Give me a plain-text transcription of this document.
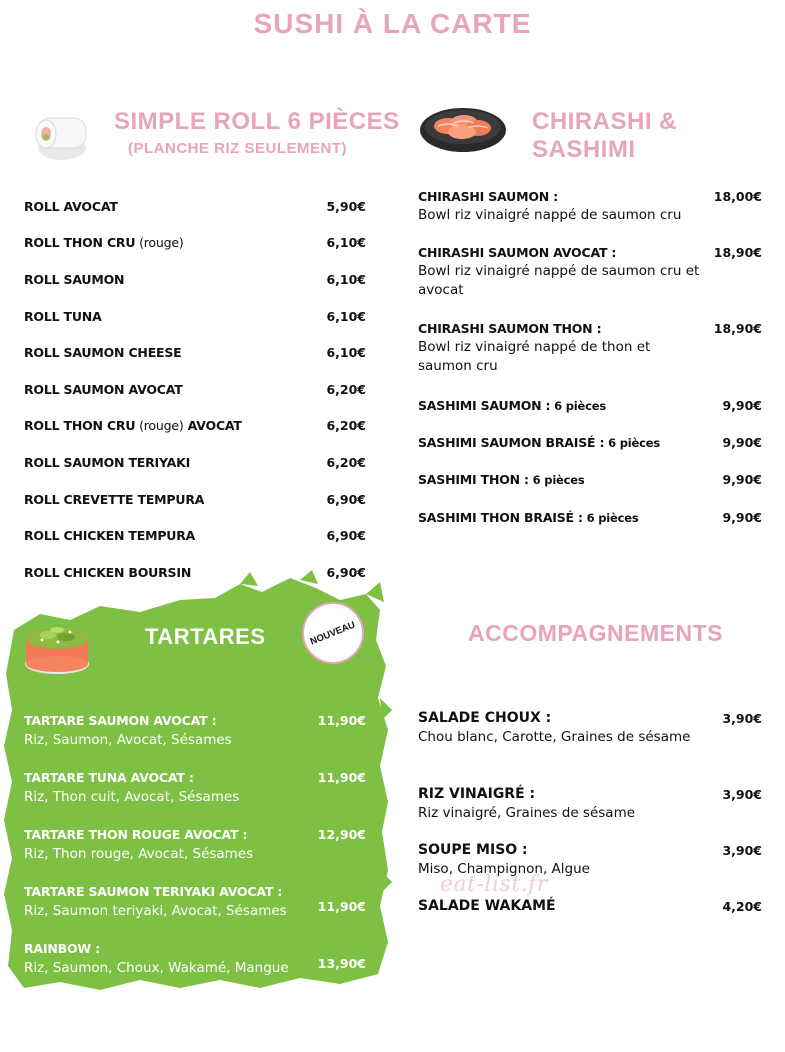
SUSHI À LA CARTE
SIMPLE ROLL 6 PIÈCES
(PLANCHE RIZ SEULEMENT)
ROLL AVOCAT	5,90€
ROLL THON CRU (rouge)	6,10€
ROLL SAUMON	6,10€
ROLL TUNA	6,10€
ROLL SAUMON CHEESE	6,10€
ROLL SAUMON AVOCAT	6,20€
ROLL THON CRU (rouge) AVOCAT	6,20€
ROLL SAUMON TERIYAKI	6,20€
ROLL CREVETTE TEMPURA	6,90€
ROLL CHICKEN TEMPURA	6,90€
ROLL CHICKEN BOURSIN	6,90€
CHIRASHI & SASHIMI
CHIRASHI SAUMON :
Bowl riz vinaigré nappé de saumon cru
18,00€
CHIRASHI SAUMON AVOCAT :
Bowl riz vinaigré nappé de saumon cru et avocat
18,90€
CHIRASHI SAUMON THON :
Bowl riz vinaigré nappé de thon et saumon cru
18,90€
SASHIMI SAUMON : 6 pièces	9,90€
SASHIMI SAUMON BRAISÉ : 6 pièces	9,90€
SASHIMI THON : 6 pièces	9,90€
SASHIMI THON BRAISÉ : 6 pièces	9,90€
TARTARES	NOUVEAU
TARTARE SAUMON AVOCAT :
Riz, Saumon, Avocat, Sésames
11,90€
TARTARE TUNA AVOCAT :
Riz, Thon cuit, Avocat, Sésames
11,90€
TARTARE THON ROUGE AVOCAT :
Riz, Thon rouge, Avocat, Sésames
12,90€
TARTARE SAUMON TERIYAKI AVOCAT :
Riz, Saumon teriyaki, Avocat, Sésames 11,90€
RAINBOW :
Riz, Saumon, Choux, Wakamé, Mangue 13,90€
ACCOMPAGNEMENTS
SALADE CHOUX :
Chou blanc, Carotte, Graines de sésame
3,90€
RIZ VINAIGRÉ :
Riz vinaigré, Graines de sésame
3,90€
SOUPE MISO :
Miso, Champignon, Algue
3,90€
SALADE WAKAMÉ	4,20€
eat-list.fr
